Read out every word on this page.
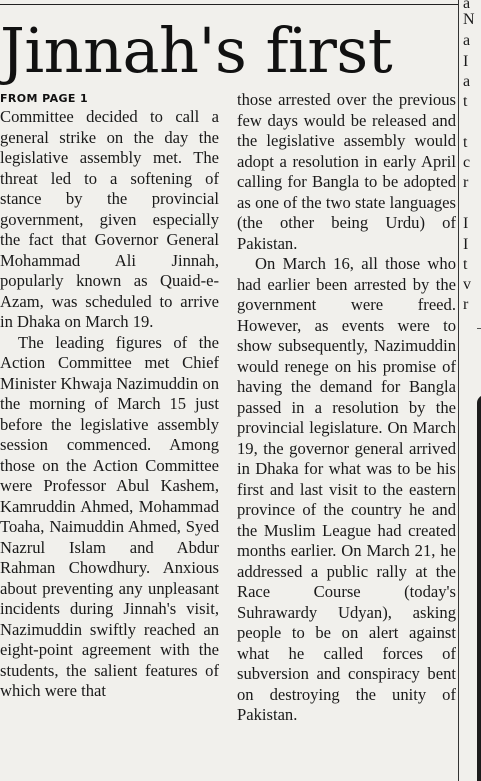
Jinnah's first
FROM PAGE 1

Committee decided to call a general strike on the day the legislative assembly met. The threat led to a softening of stance by the provincial government, given especially the fact that Governor General Mohammad Ali Jinnah, popularly known as Quaid-e-Azam, was scheduled to arrive in Dhaka on March 19.

The leading figures of the Action Committee met Chief Minister Khwaja Nazimuddin on the morning of March 15 just before the legislative assembly session commenced. Among those on the Action Committee were Professor Abul Kashem, Kamruddin Ahmed, Mohammad Toaha, Naimuddin Ahmed, Syed Nazrul Islam and Abdur Rahman Chowdhury. Anxious about preventing any unpleasant incidents during Jinnah's visit, Nazimuddin swiftly reached an eight-point agreement with the students, the salient features of which were that

those arrested over the previous few days would be released and the legislative assembly would adopt a resolution in early April calling for Bangla to be adopted as one of the two state languages (the other being Urdu) of Pakistan.

On March 16, all those who had earlier been arrested by the government were freed. However, as events were to show subsequently, Nazimuddin would renege on his promise of having the demand for Bangla passed in a resolution by the provincial legislature. On March 19, the governor general arrived in Dhaka for what was to be his first and last visit to the eastern province of the country he and the Muslim League had created months earlier. On March 21, he addressed a public rally at the Race Course (today's Suhrawardy Udyan), asking people to be on alert against what he called forces of subversion and conspiracy bent on destroying the unity of Pakistan.

a
N
a
I
a
t
t
c
r
I
I
t
v
r
